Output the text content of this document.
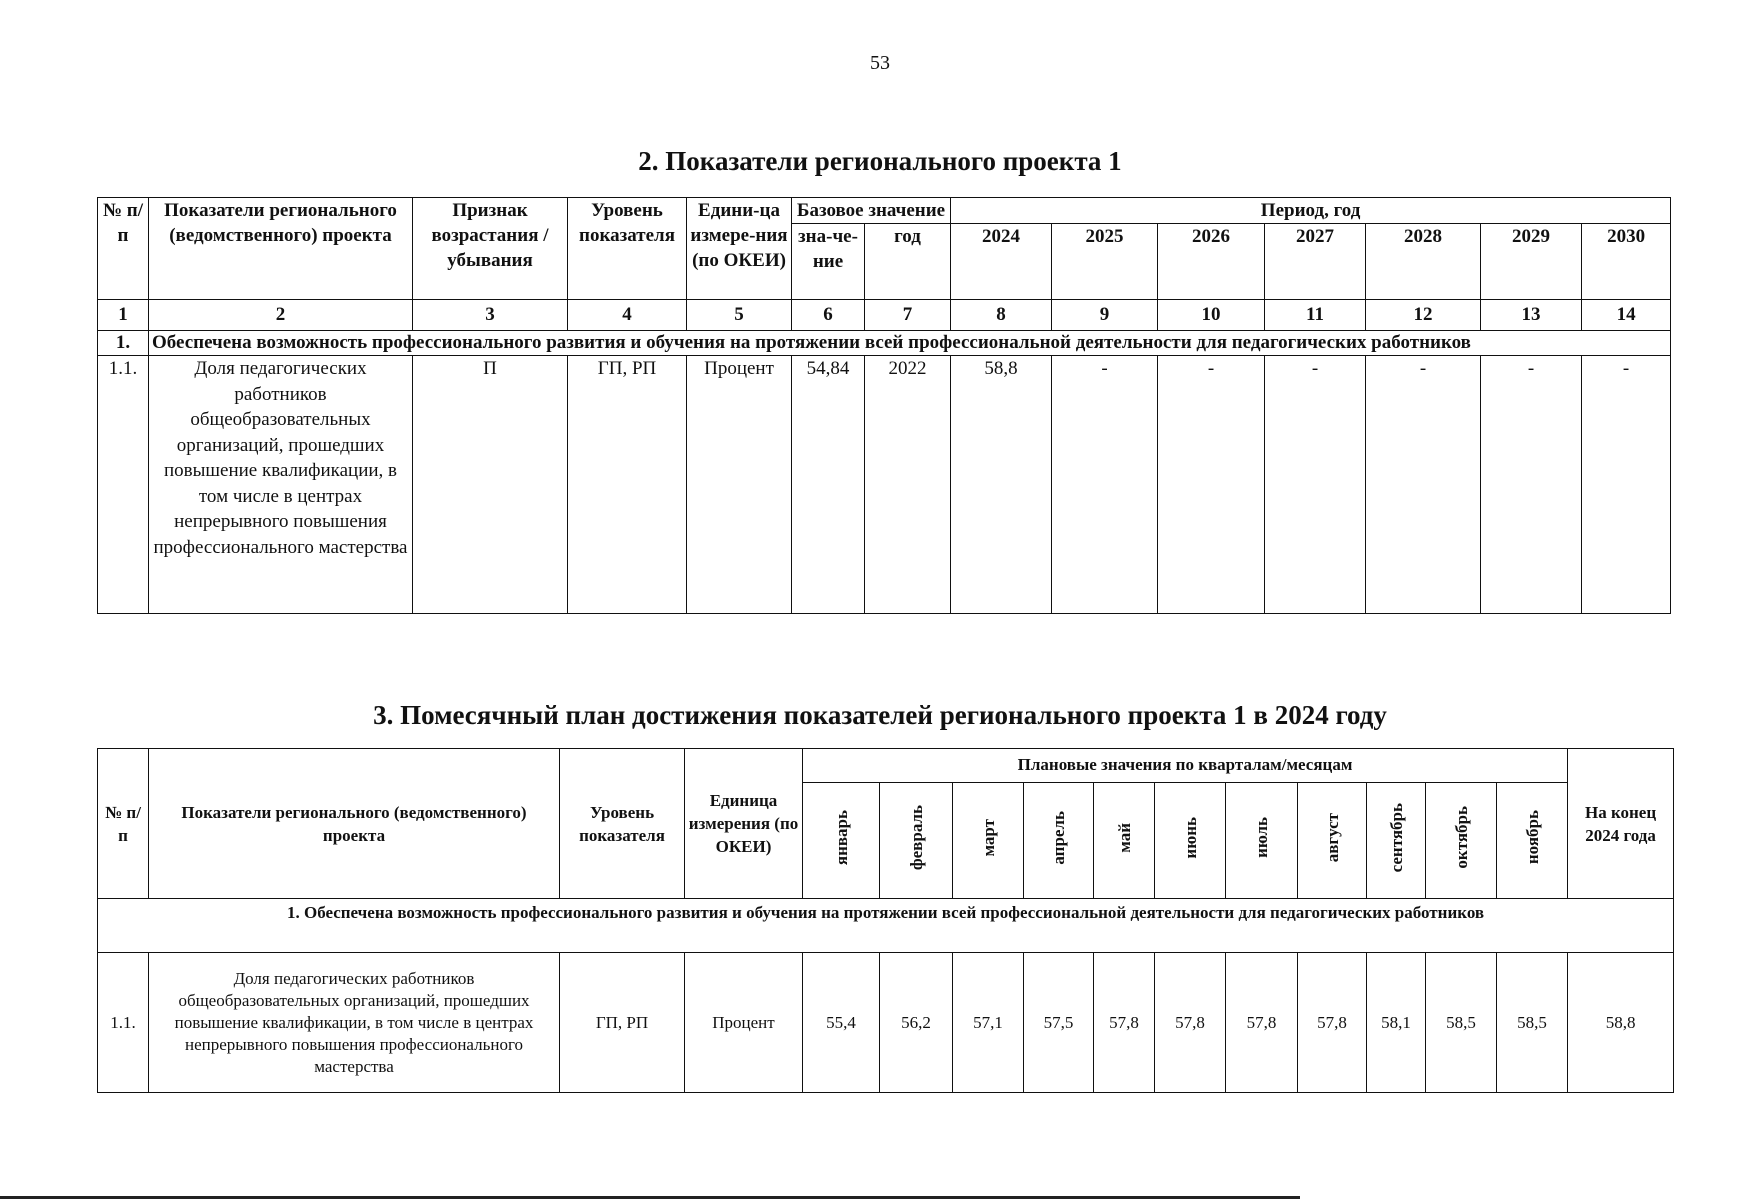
53
2. Показатели регионального проекта 1
№ п/п	Показатели регионального (ведомственного) проекта	Признак возрастания / убывания	Уровень показателя	Едини-ца измере-ния (по ОКЕИ)	Базовое значение		Период, год						
					зна-че-ние	год	2024	2025	2026	2027	2028	2029	2030
1	2	3	4	5	6	7	8	9	10	11	12	13	14
1.	Обеспечена возможность профессионального развития и обучения на протяжении всей профессиональной деятельности для педагогических работников												
1.1.	Доля педагогических работников общеобразовательных организаций, прошедших повышение квалификации, в том числе в центрах непрерывного повышения профессионального мастерства	П	ГП, РП	Процент	54,84	2022	58,8	-	-	-	-	-	-
3. Помесячный план достижения показателей регионального проекта 1 в 2024 году
№ п/п	Показатели регионального (ведомственного) проекта	Уровень показателя	Единица измерения (по ОКЕИ)	Плановые значения по кварталам/месяцам											На конец 2024 года
				январь	февраль	март	апрель	май	июнь	июль	август	сентябрь	октябрь	ноябрь	
1. Обеспечена возможность профессионального развития и обучения на протяжении всей профессиональной деятельности для педагогических работников															
1.1.	Доля педагогических работников общеобразовательных организаций, прошедших повышение квалификации, в том числе в центрах непрерывного повышения профессионального мастерства	ГП, РП	Процент	55,4	56,2	57,1	57,5	57,8	57,8	57,8	57,8	58,1	58,5	58,5	58,8
